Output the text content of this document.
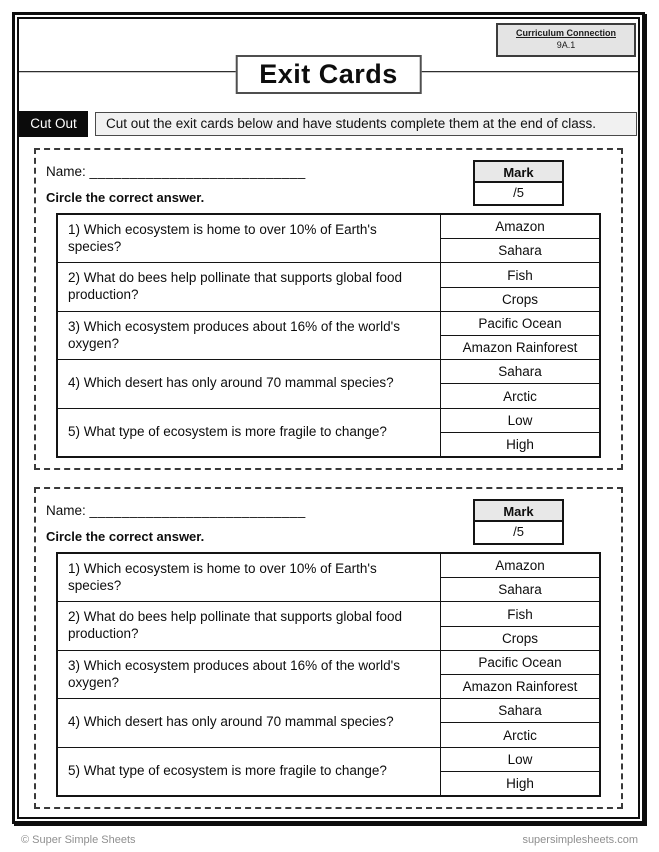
Curriculum Connection
9A.1
Exit Cards
Cut Out	Cut out the exit cards below and have students complete them at the end of class.
Name: ___________________________	Mark
/5
Circle the correct answer.
1) Which ecosystem is home to over 10% of Earth's species?
Amazon
Sahara
2) What do bees help pollinate that supports global food production?
Fish
Crops
3) Which ecosystem produces about 16% of the world's oxygen?
Pacific Ocean
Amazon Rainforest
4) Which desert has only around 70 mammal species?
Sahara
Arctic
5) What type of ecosystem is more fragile to change?
Low
High
Name: ___________________________	Mark
/5
Circle the correct answer.
1) Which ecosystem is home to over 10% of Earth's species?
Amazon
Sahara
2) What do bees help pollinate that supports global food production?
Fish
Crops
3) Which ecosystem produces about 16% of the world's oxygen?
Pacific Ocean
Amazon Rainforest
4) Which desert has only around 70 mammal species?
Sahara
Arctic
5) What type of ecosystem is more fragile to change?
Low
High
© Super Simple Sheets	supersimplesheets.com
